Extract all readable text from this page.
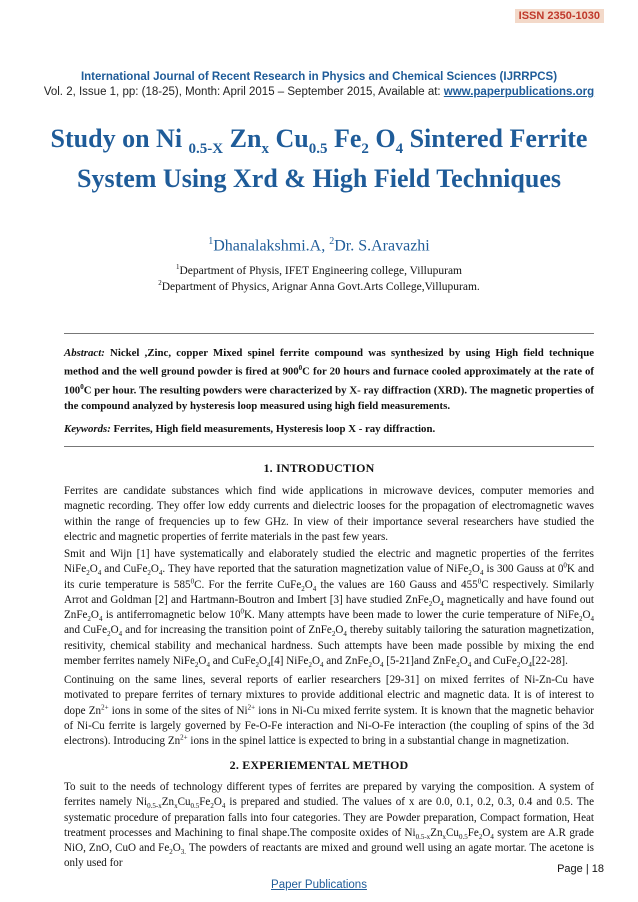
ISSN 2350-1030
International Journal of Recent Research in Physics and Chemical Sciences (IJRRPCS)
Vol. 2, Issue 1, pp: (18-25), Month: April 2015 – September 2015, Available at: www.paperpublications.org
Study on Ni $_{0.5-X}$ $Zn_x$ $Cu_{0.5}$ $Fe_2$ $O_4$ Sintered Ferrite System Using Xrd & High Field Techniques
$^1$Dhanalakshmi.A, $^2$Dr. S.Aravazhi
$^1$Department of Physis, IFET Engineering college, Villupuram
$^2$Department of Physics, Arignar Anna Govt.Arts College,Villupuram.
Abstract: Nickel ,Zinc, copper Mixed spinel ferrite compound was synthesized by using High field technique method and the well ground powder is fired at $900^0C$ for 20 hours and furnace cooled approximately at the rate of $100^0C$ per hour. The resulting powders were characterized by X- ray diffraction (XRD). The magnetic properties of the compound analyzed by hysteresis loop measured using high field measurements.
Keywords: Ferrites, High field measurements, Hysteresis loop X - ray diffraction.
1. INTRODUCTION
Ferrites are candidate substances which find wide applications in microwave devices, computer memories and magnetic recording. They offer low eddy currents and dielectric looses for the propagation of electromagnetic waves within the range of frequencies up to few GHz. In view of their importance several researchers have studied the electric and magnetic properties of ferrite materials in the past few years.
Smit and Wijn [1] have systematically and elaborately studied the electric and magnetic properties of the ferrites $NiFe_2O_4$ and $CuFe_2O_4$. They have reported that the saturation magnetization value of $NiFe_2O_4$ is 300 Gauss at $0^0K$ and its curie temperature is $585^0C$. For the ferrite $CuFe_2O_4$ the values are 160 Gauss and $455^0C$ respectively. Similarly Arrot and Goldman [2] and Hartmann-Boutron and Imbert [3] have studied $ZnFe_2O_4$ magnetically and have found out $ZnFe_2O_4$ is antiferromagnetic below $10^0K$. Many attempts have been made to lower the curie temperature of $NiFe_2O_4$ and $CuFe_2O_4$ and for increasing the transition point of $ZnFe_2O_4$ thereby suitably tailoring the saturation magnetization, resitivity, chemical stability and mechanical hardness. Such attempts have been made possible by mixing the end member ferrites namely $NiFe_2O_4$ and $CuFe_2O_4[4]$ $NiFe_2O_4$ and $ZnFe_2O_4$ [5-21]and $ZnFe_2O_4$ and $CuFe_2O_4[22-28]$.
Continuing on the same lines, several reports of earlier researchers [29-31] on mixed ferrites of Ni-Zn-Cu have motivated to prepare ferrites of ternary mixtures to provide additional electric and magnetic data. It is of interest to dope $Zn^{2+}$ ions in some of the sites of $Ni^{2+}$ ions in Ni-Cu mixed ferrite system. It is known that the magnetic behavior of Ni-Cu ferrite is largely governed by Fe-O-Fe interaction and Ni-O-Fe interaction (the coupling of spins of the 3d electrons). Introducing $Zn^{2+}$ ions in the spinel lattice is expected to bring in a substantial change in magnetization.
2. EXPERIEMENTAL METHOD
To suit to the needs of technology different types of ferrites are prepared by varying the composition. A system of ferrites namely $Ni_{0.5-x}Zn_xCu_{0.5}Fe_2O_4$ is prepared and studied. The values of x are 0.0, 0.1, 0.2, 0.3, 0.4 and 0.5. The systematic procedure of preparation falls into four categories. They are Powder preparation, Compact formation, Heat treatment processes and Machining to final shape.The composite oxides of $Ni_{0.5-x}Zn_xCu_{0.5}Fe_2O_4$ system are A.R grade NiO, ZnO, CuO and $Fe_2O_{3.}$ The powders of reactants are mixed and ground well using an agate mortar. The acetone is only used for	Page | 18
Paper Publications
